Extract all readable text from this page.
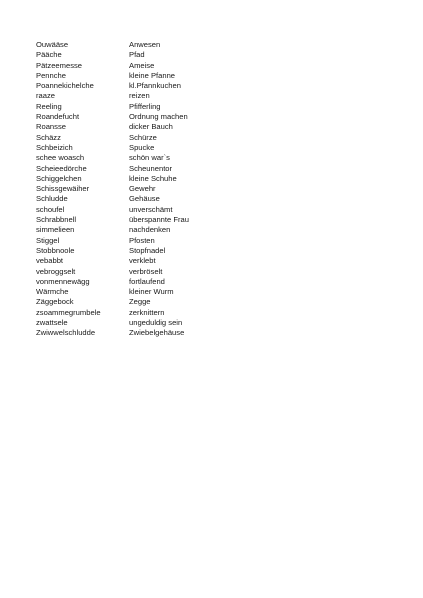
Ouwääse	Anwesen
Pääche	Pfad
Pätzeemesse	Ameise
Pennche	kleine Pfanne
Poannekichelche	kl.Pfannkuchen
raaze	reizen
Reeling	Pfifferling
Roandefucht	Ordnung machen
Roansse	dicker Bauch
Schäzz	Schürze
Schbeizich	Spucke
schee woasch	schön war`s
Scheieedörche	Scheunentor
Schiggelchen	kleine Schuhe
Schissgewäiher	Gewehr
Schludde	Gehäuse
schoufel	unverschämt
Schrabbnell	überspannte Frau
simmelieen	nachdenken
Stiggel	Pfosten
Stobbnoole	Stopfnadel
vebabbt	verklebt
vebroggselt	verbröselt
vonmennewägg	fortlaufend
Wärmche	kleiner Wurm
Zäggebock	Zegge
zsoammegrumbele	zerknittern
zwattsele	ungeduldig sein
Zwiwwelschludde	Zwiebelgehäuse
